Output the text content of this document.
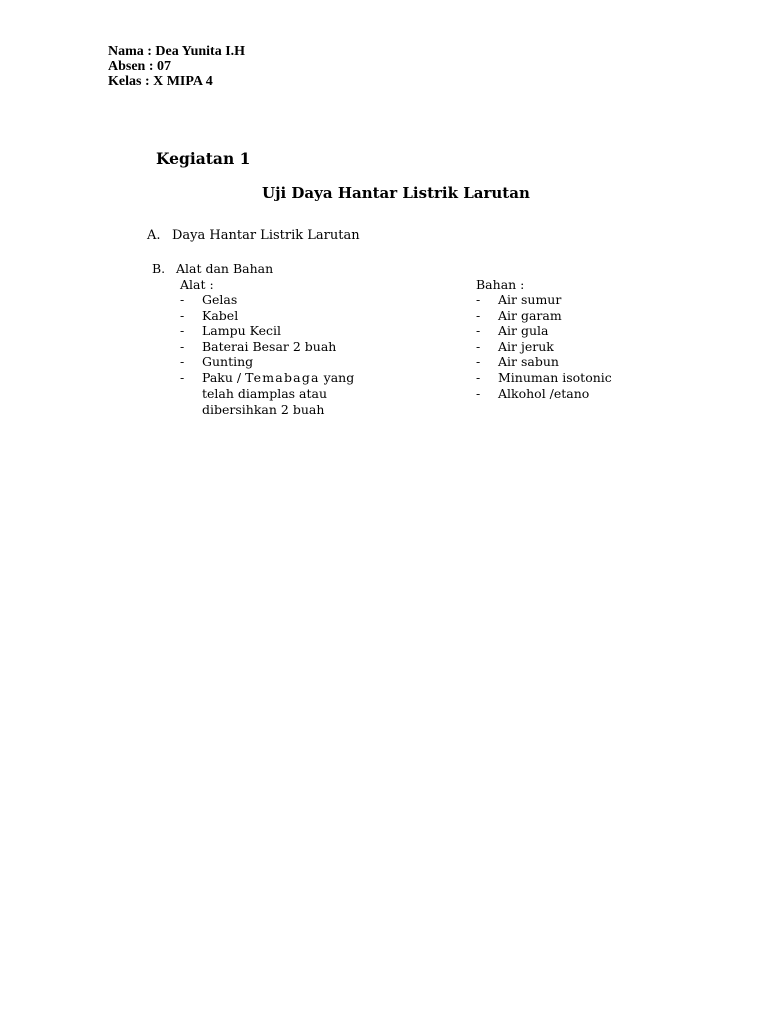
Nama : Dea Yunita I.H
Absen : 07
Kelas : X MIPA 4
Kegiatan 1
Uji Daya Hantar Listrik Larutan
A. Daya Hantar Listrik Larutan
B. Alat dan Bahan
Alat :	Bahan :
- Gelas
- Kabel
- Lampu Kecil
- Baterai Besar 2 buah
- Gunting
- Paku / Temabaga yang telah diamplas atau dibersihkan 2 buah
- Air sumur
- Air garam
- Air gula
- Air jeruk
- Air sabun
- Minuman isotonic
- Alkohol /etano
